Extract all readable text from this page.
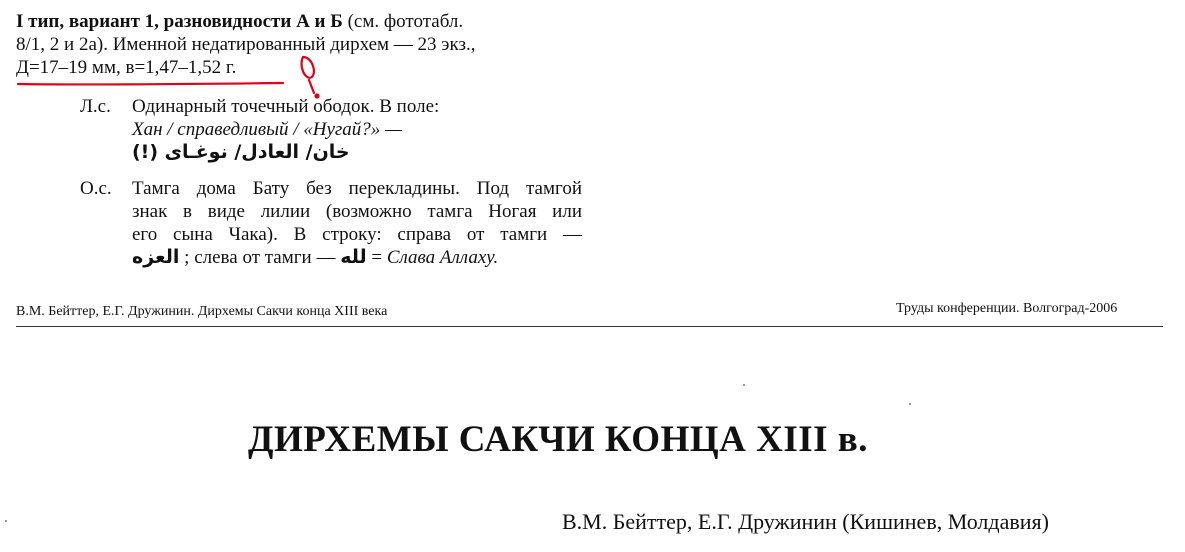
I тип, вариант 1, разновидности А и Б (см. фототабл.
8/1, 2 и 2а). Именной недатированный дирхем — 23 экз.,
Д=17–19 мм, в=1,47–1,52 г.
Л.с. Одинарный точечный ободок. В поле:
Хан / справедливый / «Нугай?» —
خان/ العادل/ نوغـاى (!)
О.с. Тамга дома Бату без перекладины. Под тамгой
знак в виде лилии (возможно тамга Ногая или
его сына Чака). В строку: справа от тамги —
العزه ; слева от тамги — لله = Слава Аллаху.
В.М. Бейттер, Е.Г. Дружинин. Дирхемы Сакчи конца XIII века	Труды конференции. Волгоград-2006
ДИРХЕМЫ САКЧИ КОНЦА XIII в.
В.М. Бейттер, Е.Г. Дружинин (Кишинев, Молдавия)
